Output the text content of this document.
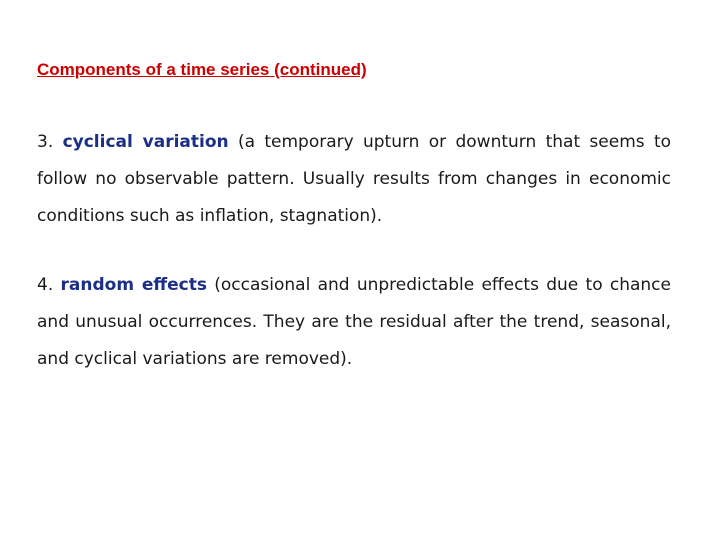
Components of a time series (continued)

3. cyclical variation (a temporary upturn or downturn that seems to follow no observable pattern. Usually results from changes in economic conditions such as inflation, stagnation).

4. random effects (occasional and unpredictable effects due to chance and unusual occurrences. They are the residual after the trend, seasonal, and cyclical variations are removed).
